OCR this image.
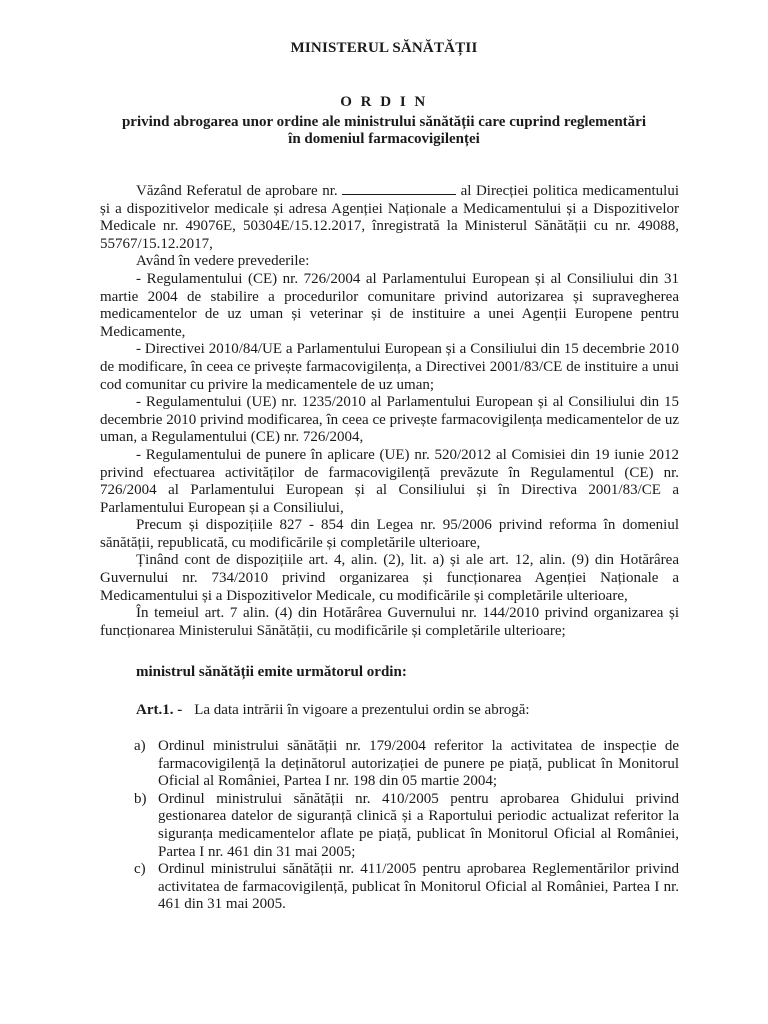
MINISTERUL SĂNĂTĂȚII
O R D I N
privind abrogarea unor ordine ale ministrului sănătății care cuprind reglementări
în domeniul farmacovigilenței

Văzând Referatul de aprobare nr.	al Direcției politica medicamentului și a dispozitivelor medicale și adresa Agenției Naționale a Medicamentului și a Dispozitivelor Medicale nr. 49076E, 50304E/15.12.2017, înregistrată la Ministerul Sănătății cu nr. 49088, 55767/15.12.2017,

Având în vedere prevederile:

- Regulamentului (CE) nr. 726/2004 al Parlamentului European și al Consiliului din 31 martie 2004 de stabilire a procedurilor comunitare privind autorizarea și supravegherea medicamentelor de uz uman și veterinar și de instituire a unei Agenții Europene pentru Medicamente,

- Directivei 2010/84/UE a Parlamentului European și a Consiliului din 15 decembrie 2010 de modificare, în ceea ce privește farmacovigilența, a Directivei 2001/83/CE de instituire a unui cod comunitar cu privire la medicamentele de uz uman;

- Regulamentului (UE) nr. 1235/2010 al Parlamentului European și al Consiliului din 15 decembrie 2010 privind modificarea, în ceea ce privește farmacovigilența medicamentelor de uz uman, a Regulamentului (CE) nr. 726/2004,

- Regulamentului de punere în aplicare (UE) nr. 520/2012 al Comisiei din 19 iunie 2012 privind efectuarea activităților de farmacovigilență prevăzute în Regulamentul (CE) nr. 726/2004 al Parlamentului European și al Consiliului și în Directiva 2001/83/CE a Parlamentului European și a Consiliului,

Precum și dispozițiile 827 - 854 din Legea nr. 95/2006 privind reforma în domeniul sănătății, republicată, cu modificările și completările ulterioare,

Ținând cont de dispozițiile art. 4, alin. (2), lit. a) și ale art. 12, alin. (9) din Hotărârea Guvernului nr. 734/2010 privind organizarea și funcționarea Agenției Naționale a Medicamentului și a Dispozitivelor Medicale, cu modificările și completările ulterioare,

În temeiul art. 7 alin. (4) din Hotărârea Guvernului nr. 144/2010 privind organizarea și funcționarea Ministerului Sănătății, cu modificările și completările ulterioare;

ministrul sănătății emite următorul ordin:
Art.1. - La data intrării în vigoare a prezentului ordin se abrogă:
a) Ordinul ministrului sănătății nr. 179/2004 referitor la activitatea de inspecție de farmacovigilență la deținătorul autorizației de punere pe piață, publicat în Monitorul Oficial al României, Partea I nr. 198 din 05 martie 2004;
b) Ordinul ministrului sănătății nr. 410/2005 pentru aprobarea Ghidului privind gestionarea datelor de siguranță clinică și a Raportului periodic actualizat referitor la siguranța medicamentelor aflate pe piață, publicat în Monitorul Oficial al României, Partea I nr. 461 din 31 mai 2005;
c) Ordinul ministrului sănătății nr. 411/2005 pentru aprobarea Reglementărilor privind activitatea de farmacovigilență, publicat în Monitorul Oficial al României, Partea I nr. 461 din 31 mai 2005.
